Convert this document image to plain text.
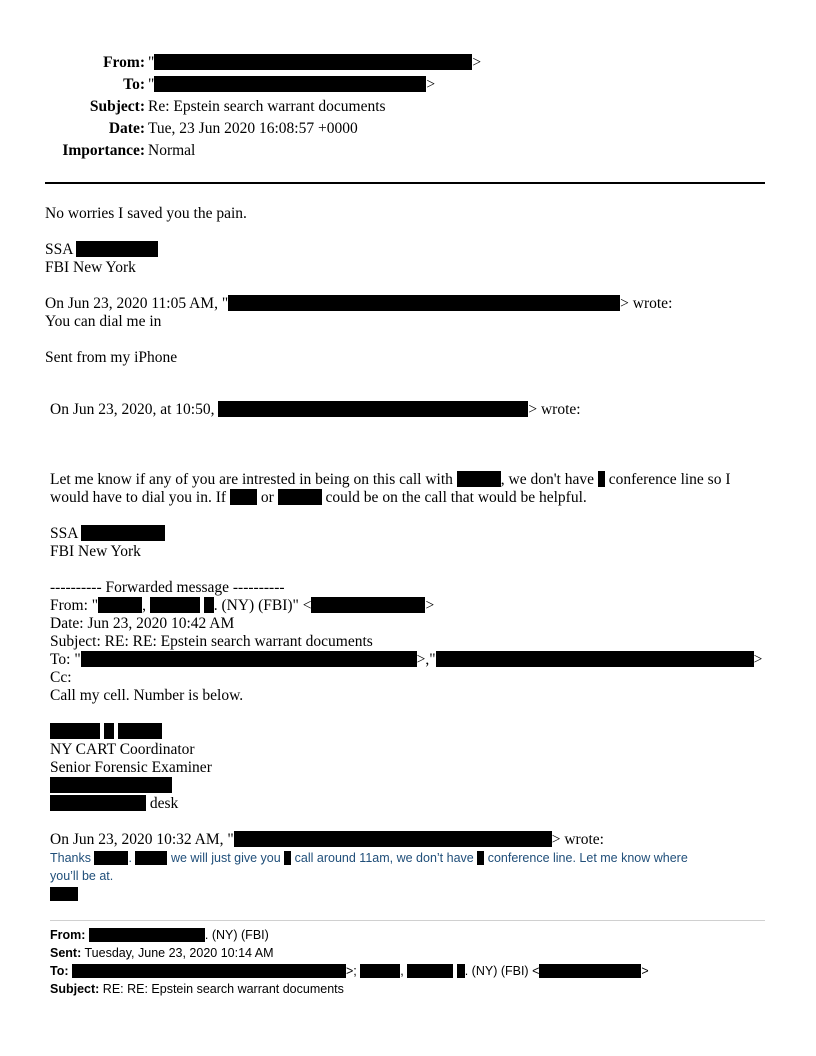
From: "	>
To: "	>
Subject: Re: Epstein search warrant documents
Date: Tue, 23 Jun 2020 16:08:57 +0000
Importance: Normal
No worries I saved you the pain.
SSA
FBI New York
On Jun 23, 2020 11:05 AM, "	> wrote:
You can dial me in
Sent from my iPhone
On Jun 23, 2020, at 10:50,	> wrote:
Let me know if any of you are intrested in being on this call with	, we don't have conference line so I
would have to dial you in. If or	could be on the call that would be helpful.
SSA
FBI New York
---------- Forwarded message ----------
From: "	,	. (NY) (FBI)" <	>
Date: Jun 23, 2020 10:42 AM
Subject: RE: RE: Epstein search warrant documents
To: "	>,"	>
Cc:
Call my cell. Number is below.

NY CART Coordinator
Senior Forensic Examiner
desk
On Jun 23, 2020 10:32 AM, "	> wrote:
Thanks	.	we will just give you call around 11am, we don’t have conference line. Let me know where
you’ll be at.
From:	. (NY) (FBI)
Sent: Tuesday, June 23, 2020 10:14 AM
To:	>;	,	. (NY) (FBI) <	>
Subject: RE: RE: Epstein search warrant documents
